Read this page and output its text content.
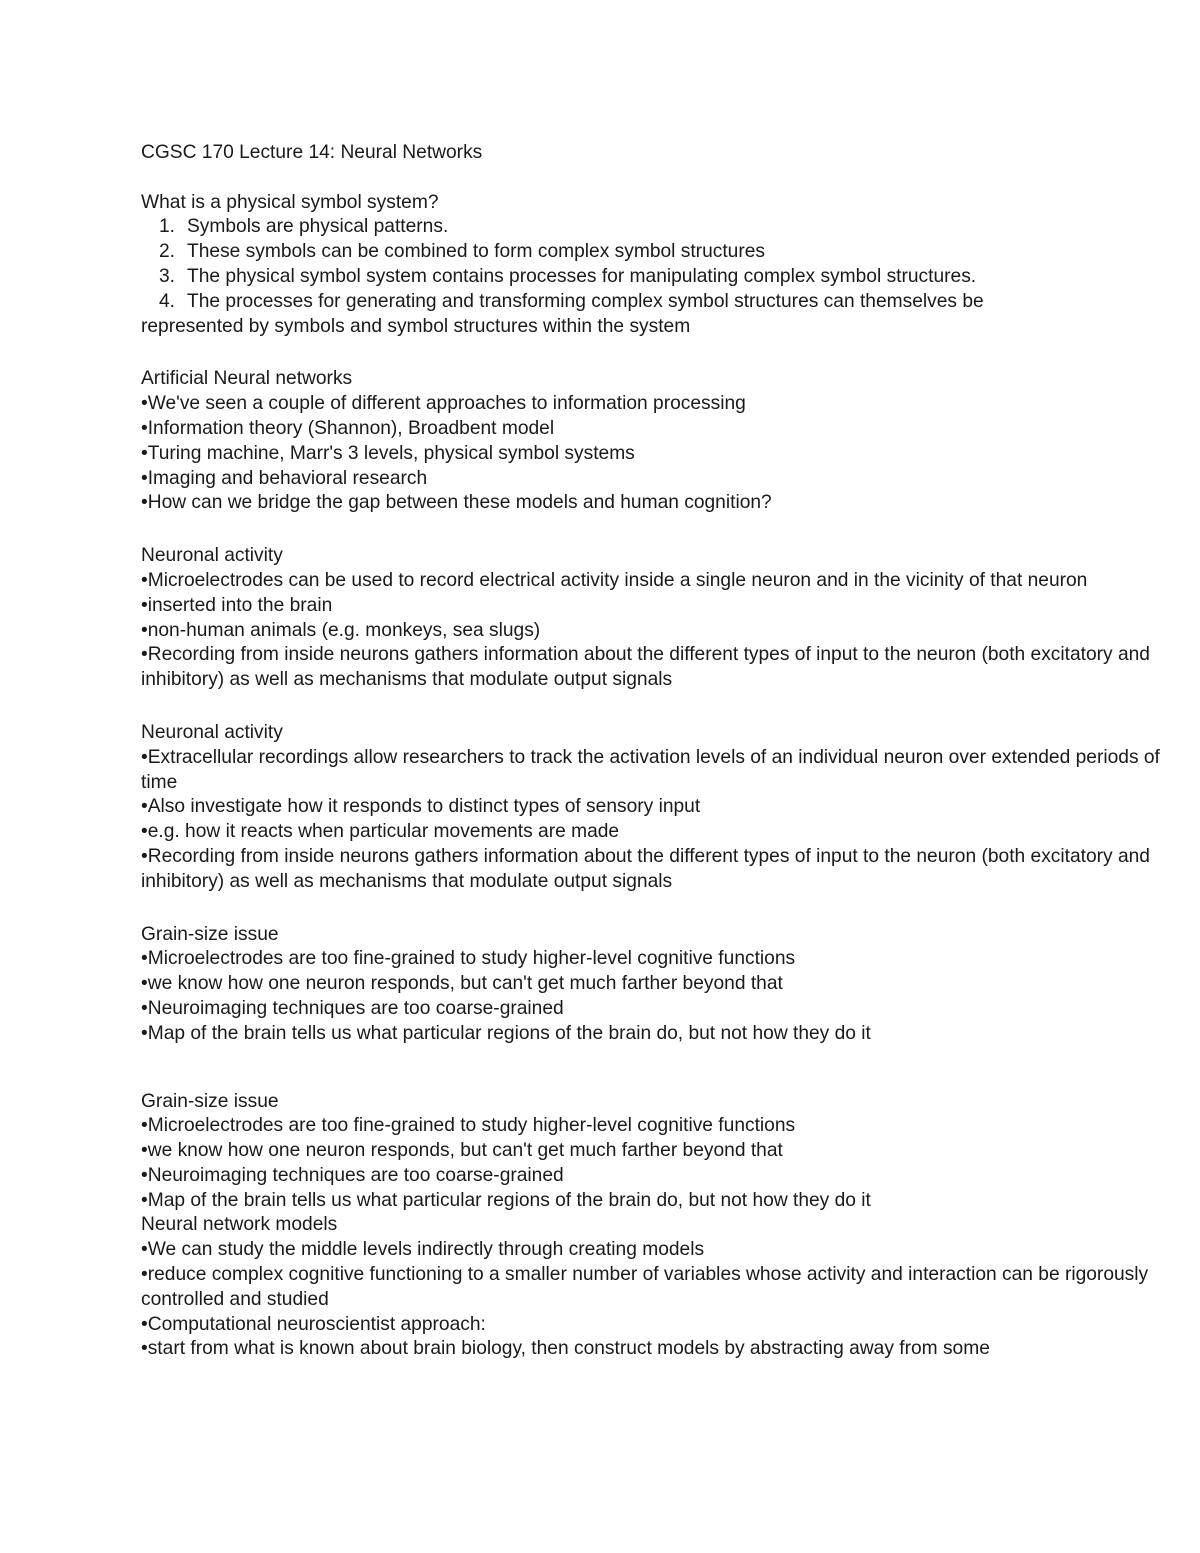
CGSC 170 Lecture 14: Neural Networks

What is a physical symbol system?

1. Symbols are physical patterns.
2. These symbols can be combined to form complex symbol structures
3. The physical symbol system contains processes for manipulating complex symbol structures.
4. The processes for generating and transforming complex symbol structures can themselves be

represented by symbols and symbol structures within the system

Artificial Neural networks

•We've seen a couple of different approaches to information processing

•Information theory (Shannon), Broadbent model

•Turing machine, Marr's 3 levels, physical symbol systems

•Imaging and behavioral research

•How can we bridge the gap between these models and human cognition?

Neuronal activity

•Microelectrodes can be used to record electrical activity inside a single neuron and in the vicinity of that neuron

•inserted into the brain

•non-human animals (e.g. monkeys, sea slugs)

•Recording from inside neurons gathers information about the different types of input to the neuron (both excitatory and inhibitory) as well as mechanisms that modulate output signals

Neuronal activity

•Extracellular recordings allow researchers to track the activation levels of an individual neuron over extended periods of time

•Also investigate how it responds to distinct types of sensory input

•e.g. how it reacts when particular movements are made

•Recording from inside neurons gathers information about the different types of input to the neuron (both excitatory and inhibitory) as well as mechanisms that modulate output signals

Grain-size issue

•Microelectrodes are too fine-grained to study higher-level cognitive functions

•we know how one neuron responds, but can't get much farther beyond that

•Neuroimaging techniques are too coarse-grained

•Map of the brain tells us what particular regions of the brain do, but not how they do it

Grain-size issue

•Microelectrodes are too fine-grained to study higher-level cognitive functions

•we know how one neuron responds, but can't get much farther beyond that

•Neuroimaging techniques are too coarse-grained

•Map of the brain tells us what particular regions of the brain do, but not how they do it

Neural network models

•We can study the middle levels indirectly through creating models

•reduce complex cognitive functioning to a smaller number of variables whose activity and interaction can be rigorously controlled and studied

•Computational neuroscientist approach:

•start from what is known about brain biology, then construct models by abstracting away from some
